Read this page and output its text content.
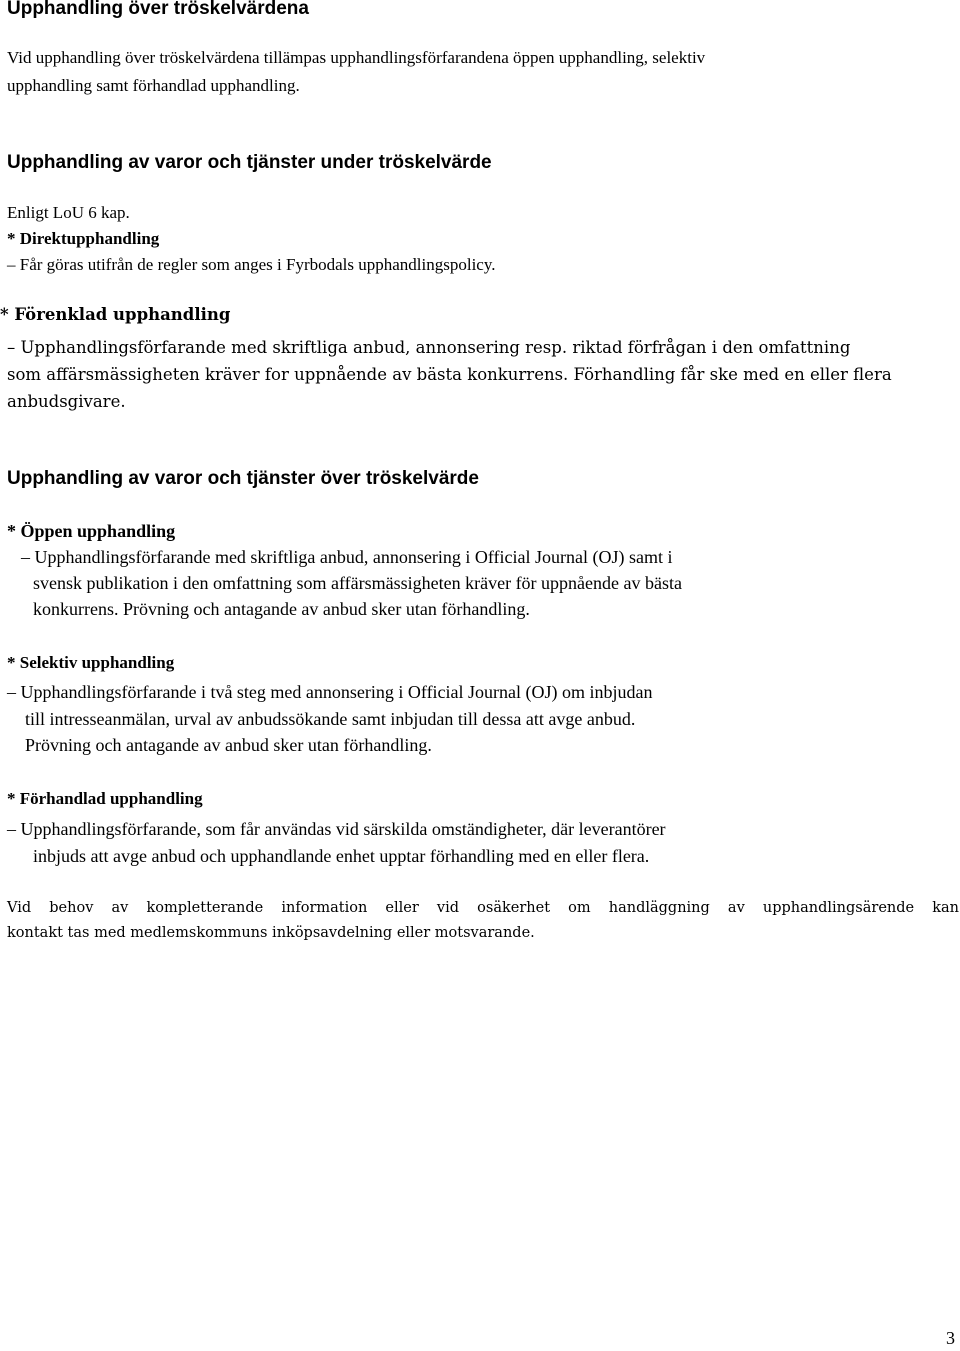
Upphandling över tröskelvärdena
Vid upphandling över tröskelvärdena tillämpas upphandlingsförfarandena öppen upphandling, selektiv
upphandling samt förhandlad upphandling.
Upphandling av varor och tjänster under tröskelvärde
Enligt LoU 6 kap.
* Direktupphandling
– Får göras utifrån de regler som anges i Fyrbodals upphandlingspolicy.
* Förenklad upphandling
– Upphandlingsförfarande med skriftliga anbud, annonsering resp. riktad förfrågan i den omfattning
som affärsmässigheten kräver for uppnående av bästa konkurrens. Förhandling får ske med en eller flera
anbudsgivare.
Upphandling av varor och tjänster över tröskelvärde
* Öppen upphandling
– Upphandlingsförfarande med skriftliga anbud, annonsering i Official Journal (OJ) samt i
svensk publikation i den omfattning som affärsmässigheten kräver för uppnående av bästa
konkurrens. Prövning och antagande av anbud sker utan förhandling.
* Selektiv upphandling
– Upphandlingsförfarande i två steg med annonsering i Official Journal (OJ) om inbjudan
till intresseanmälan, urval av anbudssökande samt inbjudan till dessa att avge anbud.
Prövning och antagande av anbud sker utan förhandling.
* Förhandlad upphandling
– Upphandlingsförfarande, som får användas vid särskilda omständigheter, där leverantörer
inbjuds att avge anbud och upphandlande enhet upptar förhandling med en eller flera.
Vid behov av kompletterande information eller vid osäkerhet om handläggning av upphandlingsärende kan
kontakt tas med medlemskommuns inköpsavdelning eller motsvarande.
3
